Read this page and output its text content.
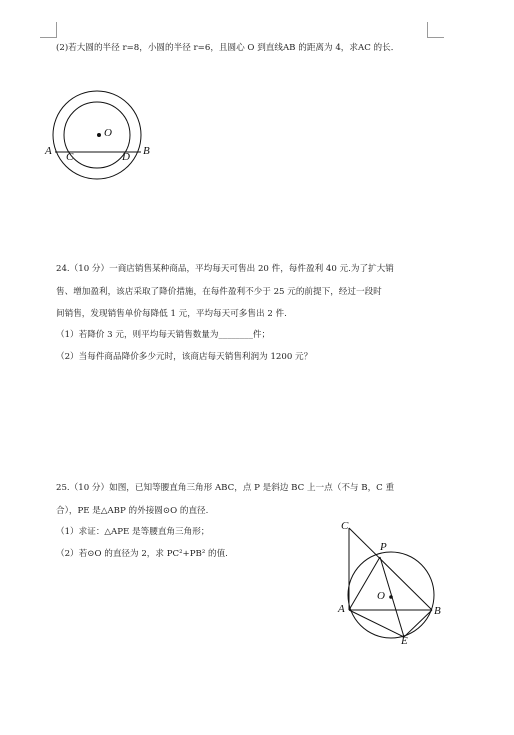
(2)若大圆的半径 r=8，小圆的半径 r=6，且圆心 O 到直线AB 的距离为 4，求AC 的长．
O
A C	D B
24.（10 分）一商店销售某种商品，平均每天可售出 20 件，每件盈利 40 元.为了扩大销
售、增加盈利，该店采取了降价措施，在每件盈利不少于 25 元的前提下，经过一段时
间销售，发现销售单价每降低 1 元，平均每天可多售出 2 件.
（1）若降价 3 元，则平均每天销售数量为________件；
（2）当每件商品降价多少元时，该商店每天销售利润为 1200 元？
25.（10 分）如图，已知等腰直角三角形 ABC，点 P 是斜边 BC 上一点（不与 B，C 重
合），PE 是△ABP 的外接圆⊙O 的直径.
（1）求证：△APE 是等腰直角三角形；
（2）若⊙O 的直径为 2，求 PC²+PB² 的值.
C
P
O
A	B
E
